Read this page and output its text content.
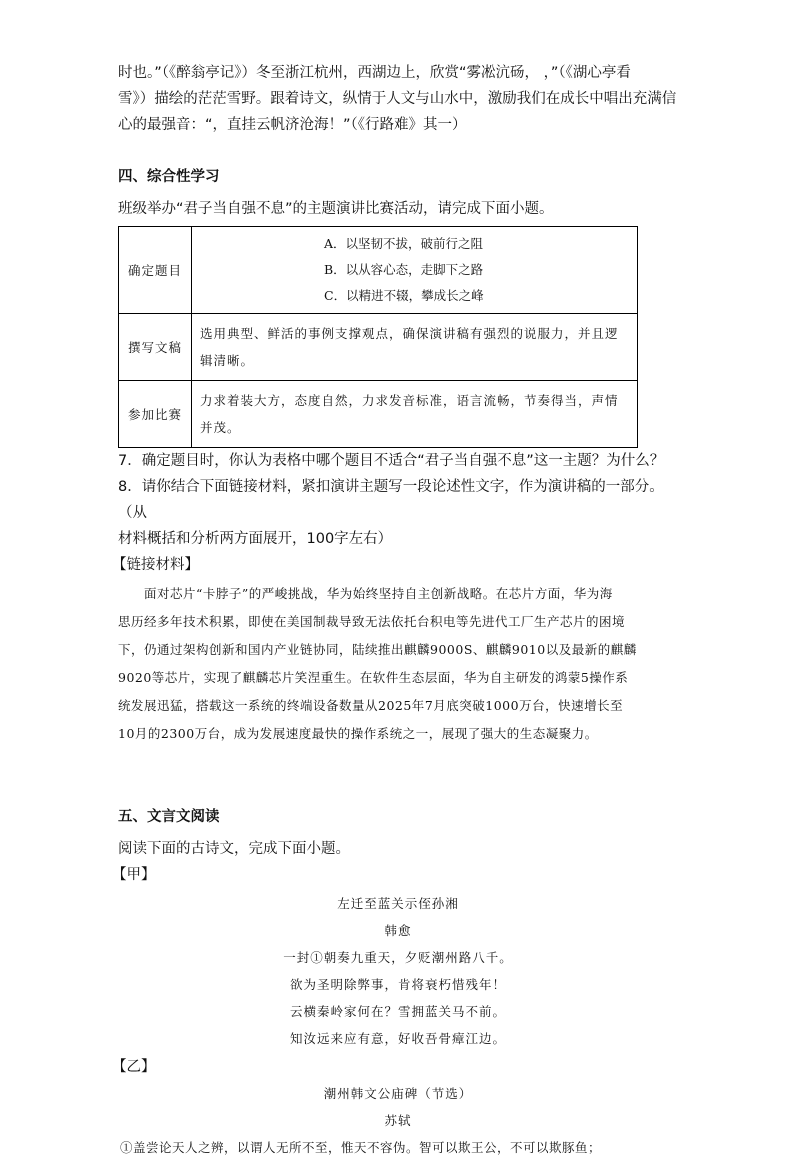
时也。”（《醉翁亭记》）冬至浙江杭州，西湖边上，欣赏“雾凇沆砀， ，”（《湖心亭看

雪》）描绘的茫茫雪野。跟着诗文，纵情于人文与山水中，激励我们在成长中唱出充满信

心的最强音：“，直挂云帆济沧海！”（《行路难》其一）

四、综合性学习

班级举办“君子当自强不息”的主题演讲比赛活动，请完成下面小题。

确定题目	A．以坚韧不拔，破前行之阻
B．以从容心态，走脚下之路
C．以精进不辍，攀成长之峰

撰写文稿	选用典型、鲜活的事例支撑观点，确保演讲稿有强烈的说服力，并且逻辑清晰。

参加比赛	力求着装大方，态度自然，力求发音标准，语言流畅，节奏得当，声情并茂。

7．确定题目时，你认为表格中哪个题目不适合“君子当自强不息”这一主题？为什么？

8．请你结合下面链接材料，紧扣演讲主题写一段论述性文字，作为演讲稿的一部分。（从

材料概括和分析两方面展开，100字左右）

【链接材料】

　　面对芯片“卡脖子”的严峻挑战，华为始终坚持自主创新战略。在芯片方面，华为海

思历经多年技术积累，即使在美国制裁导致无法依托台积电等先进代工厂生产芯片的困境

下，仍通过架构创新和国内产业链协同，陆续推出麒麟9000S、麒麟9010以及最新的麒麟

9020等芯片，实现了麒麟芯片笑涅重生。在软件生态层面，华为自主研发的鸿蒙5操作系

统发展迅猛，搭载这一系统的终端设备数量从2025年7月底突破1000万台，快速增长至

10月的2300万台，成为发展速度最快的操作系统之一，展现了强大的生态凝聚力。

五、文言文阅读

阅读下面的古诗文，完成下面小题。

【甲】

左迁至蓝关示侄孙湘

韩愈

一封①朝奏九重天，夕贬潮州路八千。

欲为圣明除弊事，肯将衰朽惜残年！

云横秦岭家何在？雪拥蓝关马不前。

知汝远来应有意，好收吾骨瘴江边。

【乙】

潮州韩文公庙碑（节选）

苏轼

①盖尝论天人之辨，以谓人无所不至，惟天不容伪。智可以欺王公，不可以欺豚鱼；
